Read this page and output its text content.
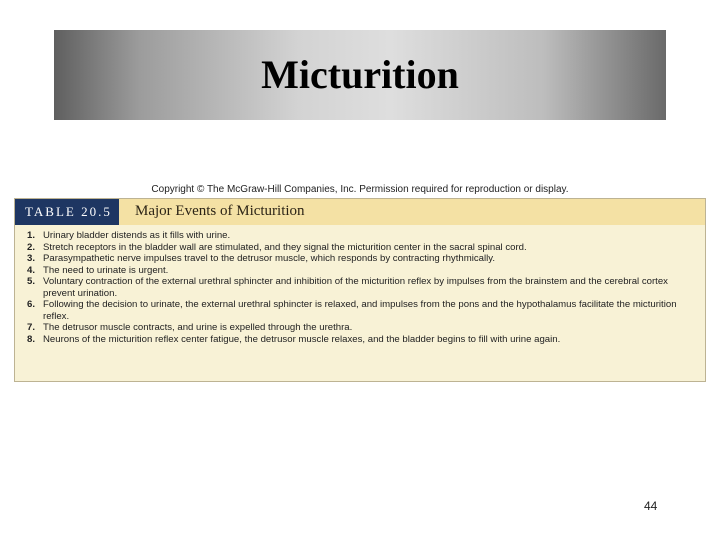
Micturition
Copyright © The McGraw-Hill Companies, Inc. Permission required for reproduction or display.
TABLE 20.5 Major Events of Micturition
1. Urinary bladder distends as it fills with urine.
2. Stretch receptors in the bladder wall are stimulated, and they signal the micturition center in the sacral spinal cord.
3. Parasympathetic nerve impulses travel to the detrusor muscle, which responds by contracting rhythmically.
4. The need to urinate is urgent.
5. Voluntary contraction of the external urethral sphincter and inhibition of the micturition reflex by impulses from the brainstem and the cerebral cortex prevent urination.
6. Following the decision to urinate, the external urethral sphincter is relaxed, and impulses from the pons and the hypothalamus facilitate the micturition reflex.
7. The detrusor muscle contracts, and urine is expelled through the urethra.
8. Neurons of the micturition reflex center fatigue, the detrusor muscle relaxes, and the bladder begins to fill with urine again.
44
